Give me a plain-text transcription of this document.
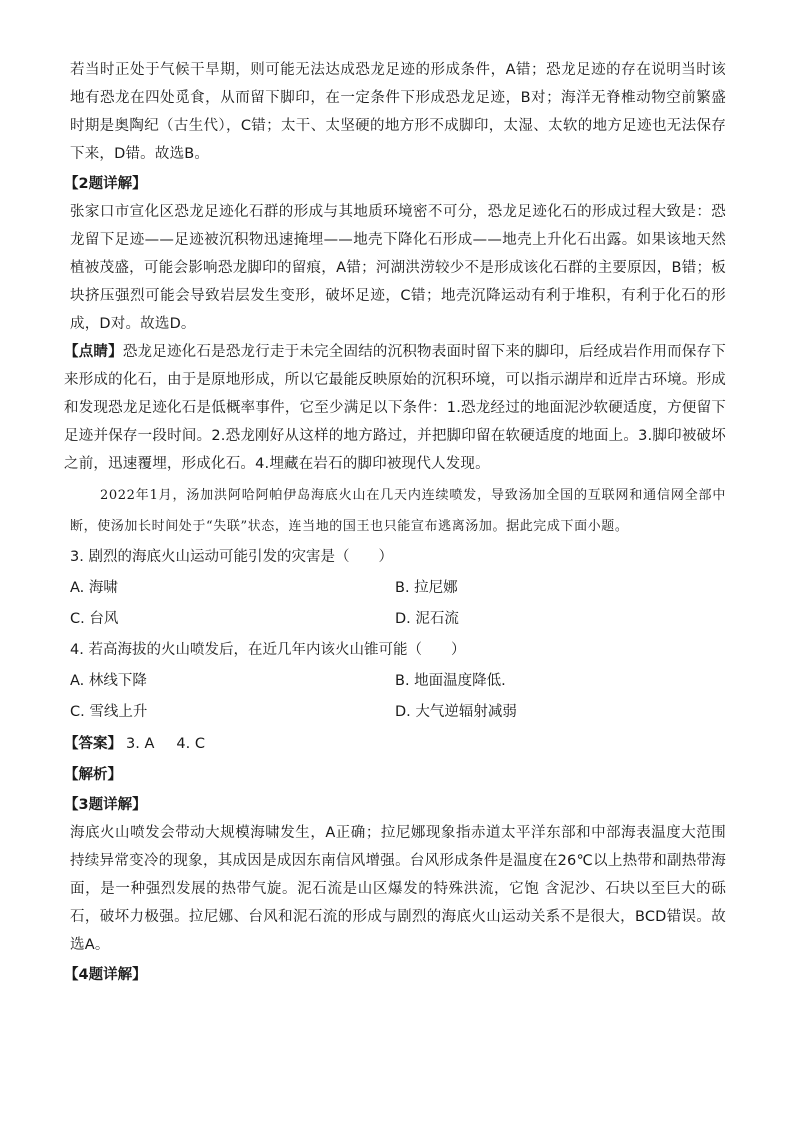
若当时正处于气候干旱期，则可能无法达成恐龙足迹的形成条件，A错；恐龙足迹的存在说明当时该地有恐龙在四处觅食，从而留下脚印，在一定条件下形成恐龙足迹，B对；海洋无脊椎动物空前繁盛时期是奥陶纪（古生代），C错；太干、太坚硬的地方形不成脚印，太湿、太软的地方足迹也无法保存下来，D错。故选B。

【2题详解】

张家口市宣化区恐龙足迹化石群的形成与其地质环境密不可分，恐龙足迹化石的形成过程大致是：恐龙留下足迹——足迹被沉积物迅速掩埋——地壳下降化石形成——地壳上升化石出露。如果该地天然植被茂盛，可能会影响恐龙脚印的留痕，A错；河湖洪涝较少不是形成该化石群的主要原因，B错；板块挤压强烈可能会导致岩层发生变形，破坏足迹，C错；地壳沉降运动有利于堆积，有利于化石的形成，D对。故选D。

【点睛】恐龙足迹化石是恐龙行走于未完全固结的沉积物表面时留下来的脚印，后经成岩作用而保存下来形成的化石，由于是原地形成，所以它最能反映原始的沉积环境，可以指示湖岸和近岸古环境。形成和发现恐龙足迹化石是低概率事件，它至少满足以下条件：1.恐龙经过的地面泥沙软硬适度，方便留下足迹并保存一段时间。2.恐龙刚好从这样的地方路过，并把脚印留在软硬适度的地面上。3.脚印被破坏之前，迅速覆埋，形成化石。4.埋藏在岩石的脚印被现代人发现。

2022年1月，汤加洪阿哈阿帕伊岛海底火山在几天内连续喷发，导致汤加全国的互联网和通信网全部中断，使汤加长时间处于“失联”状态，连当地的国王也只能宣布逃离汤加。据此完成下面小题。

3. 剧烈的海底火山运动可能引发的灾害是（　　）

A. 海啸	B. 拉尼娜
C. 台风	D. 泥石流

4. 若高海拔的火山喷发后，在近几年内该火山锥可能（　　）

A. 林线下降	B. 地面温度降低.
C. 雪线上升	D. 大气逆辐射减弱
【答案】 3. A 4. C
【解析】
【3题详解】

海底火山喷发会带动大规模海啸发生，A正确；拉尼娜现象指赤道太平洋东部和中部海表温度大范围持续异常变冷的现象，其成因是成因东南信风增强。台风形成条件是温度在26℃以上热带和副热带海面，是一种强烈发展的热带气旋。泥石流是山区爆发的特殊洪流，它饱 含泥沙、石块以至巨大的砾石，破坏力极强。拉尼娜、台风和泥石流的形成与剧烈的海底火山运动关系不是很大，BCD错误。故选A。

【4题详解】
